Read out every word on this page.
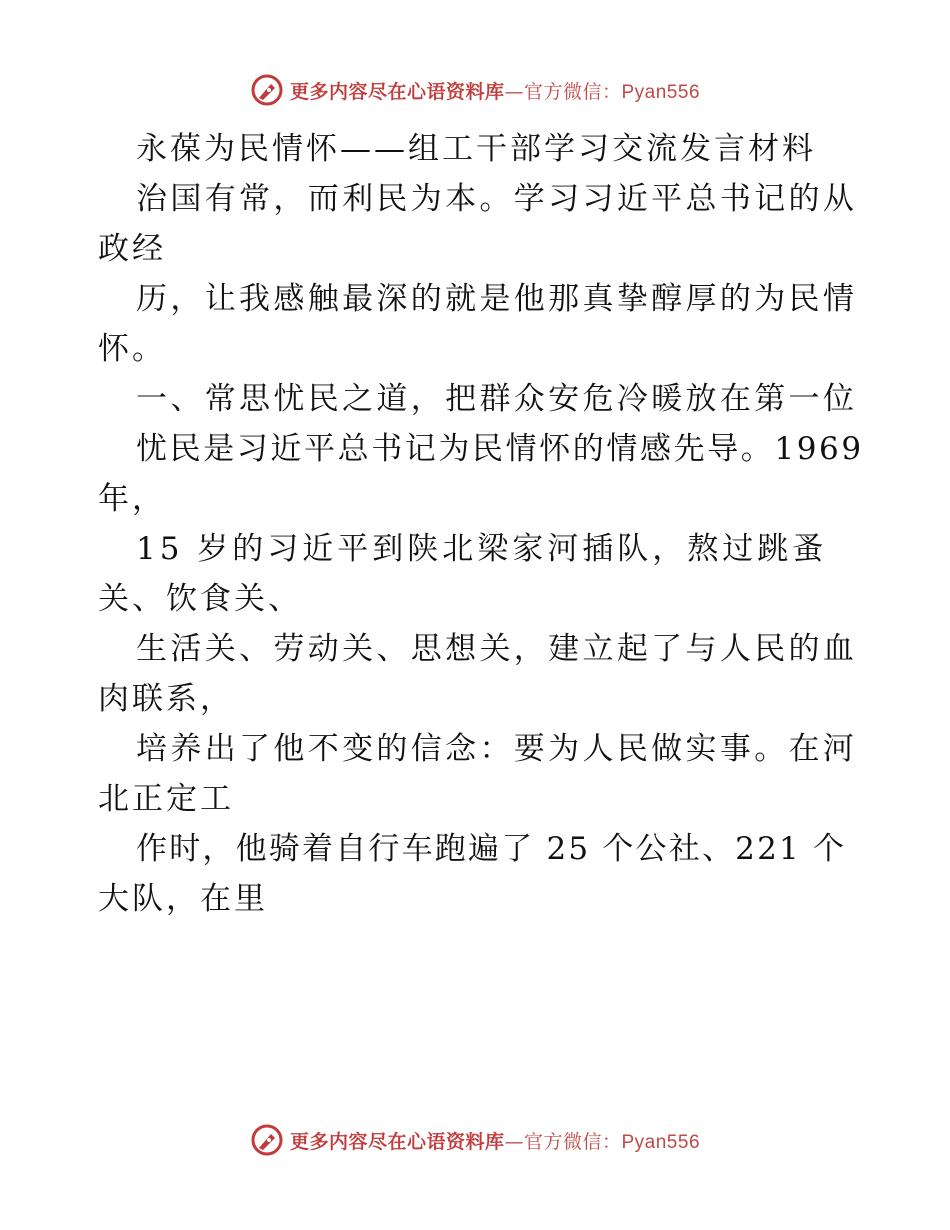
更多内容尽在心语资料库—官方微信：Pyan556
永葆为民情怀——组工干部学习交流发言材料
治 国 有 常 ， 而 利 民 为 本 。 学 习 习 近 平 总 书 记 的 从
政经
历 ， 让 我 感 触 最 深 的 就 是 他 那 真 挚 醇 厚 的 为 民 情
怀。
一 、 常 思 忧 民 之 道 ， 把 群 众 安 危 冷 暖 放 在 第 一 位
忧民是习近平总书记为民情怀的情感先导。1969
年，
15 岁的习近平到陕北梁家河插队，熬过跳蚤
关、饮食关、
生 活 关 、 劳 动 关 、 思 想 关 ， 建 立 起 了 与 人 民 的 血
肉联系，
培 养 出 了 他 不 变 的 信 念 ： 要 为 人 民 做 实 事 。 在 河
北正定工
作时，他骑着自行车跑遍了 25 个公社、221 个
大队，在里
更多内容尽在心语资料库—官方微信：Pyan556
